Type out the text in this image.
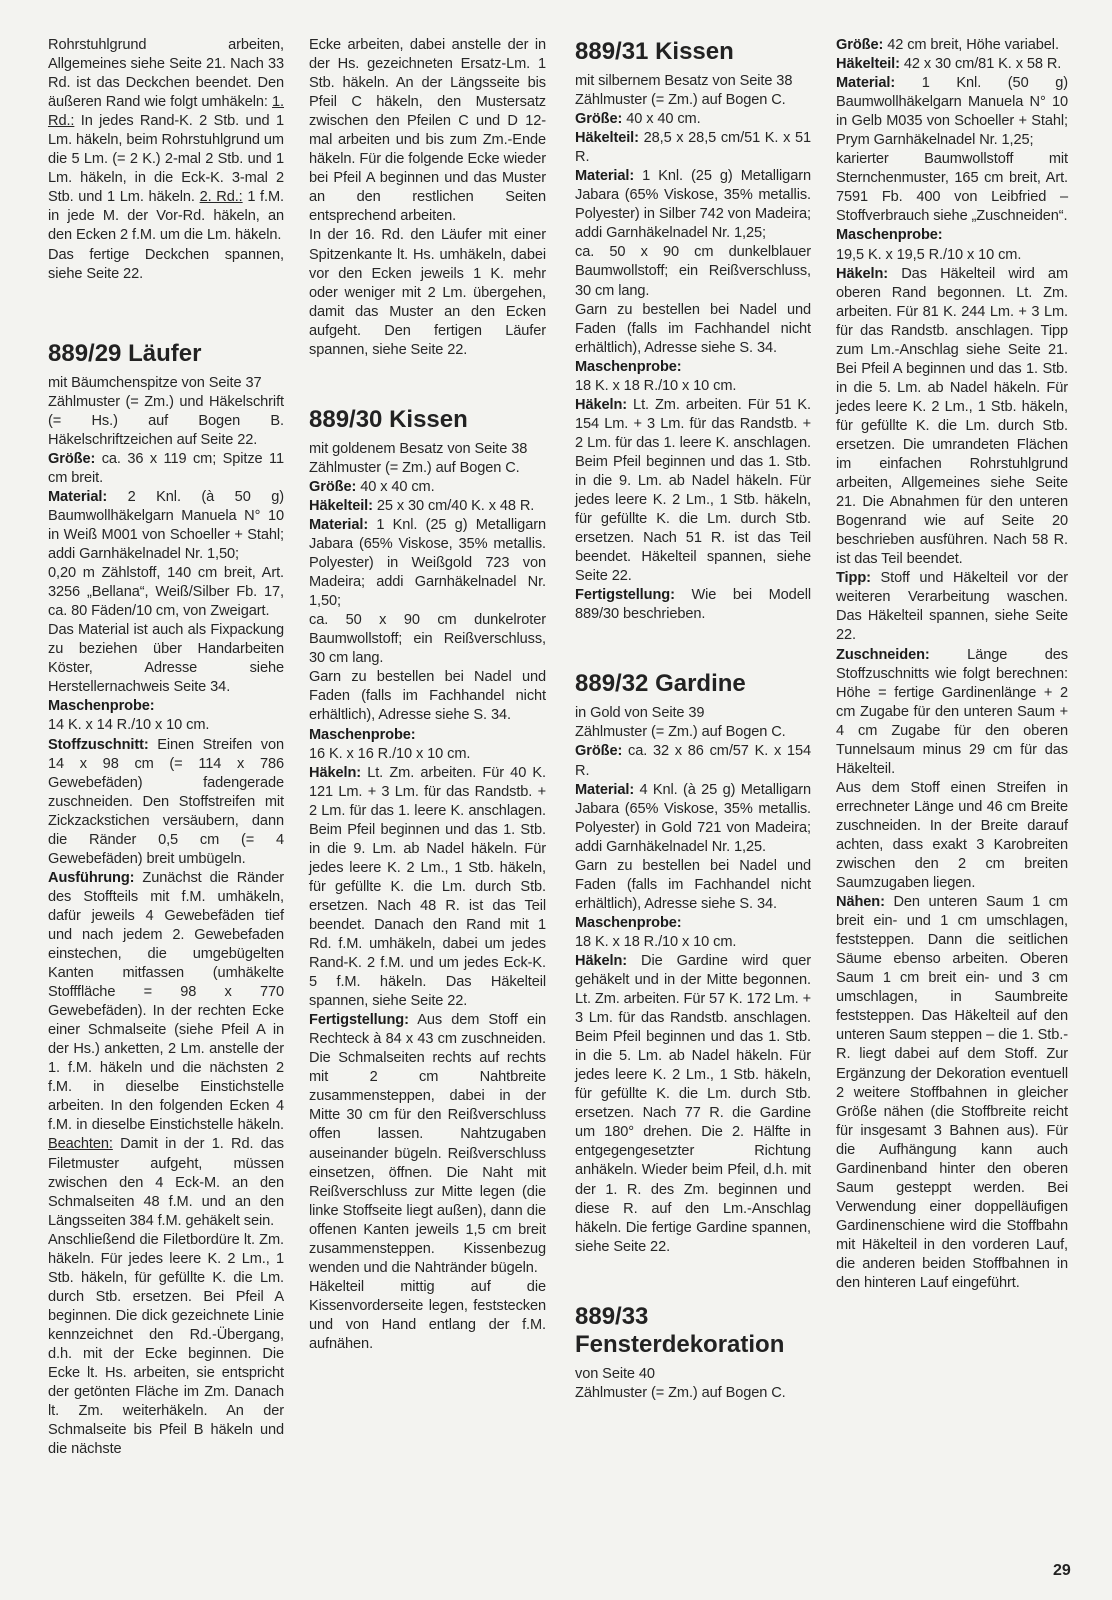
Rohrstuhlgrund arbeiten, Allgemeines siehe Seite 21. Nach 33 Rd. ist das Deckchen beendet. Den äußeren Rand wie folgt umhäkeln: 1. Rd.: In jedes Rand-K. 2 Stb. und 1 Lm. häkeln, beim Rohrstuhlgrund um die 5 Lm. (= 2 K.) 2-mal 2 Stb. und 1 Lm. häkeln, in die Eck-K. 3-mal 2 Stb. und 1 Lm. häkeln. 2. Rd.: 1 f.M. in jede M. der Vor-Rd. häkeln, an den Ecken 2 f.M. um die Lm. häkeln.

Das fertige Deckchen spannen, siehe Seite 22.

889/29 Läufer

mit Bäumchenspitze von Seite 37

Zählmuster (= Zm.) und Häkelschrift (= Hs.) auf Bogen B. Häkelschriftzeichen auf Seite 22.

Größe: ca. 36 x 119 cm; Spitze 11 cm breit.

Material: 2 Knl. (à 50 g) Baumwollhäkelgarn Manuela N° 10 in Weiß M001 von Schoeller + Stahl; addi Garnhäkelnadel Nr. 1,50;

0,20 m Zählstoff, 140 cm breit, Art. 3256 „Bellana“, Weiß/Silber Fb. 17, ca. 80 Fäden/10 cm, von Zweigart.

Das Material ist auch als Fixpackung zu beziehen über Handarbeiten Köster, Adresse siehe Herstellernachweis Seite 34.

Maschenprobe:

14 K. x 14 R./10 x 10 cm.

Stoffzuschnitt: Einen Streifen von 14 x 98 cm (= 114 x 786 Gewebefäden) fadengerade zuschneiden. Den Stoffstreifen mit Zickzackstichen versäubern, dann die Ränder 0,5 cm (= 4 Gewebefäden) breit umbügeln.

Ausführung: Zunächst die Ränder des Stoffteils mit f.M. umhäkeln, dafür jeweils 4 Gewebefäden tief und nach jedem 2. Gewebefaden einstechen, die umgebügelten Kanten mitfassen (umhäkelte Stofffläche = 98 x 770 Gewebefäden). In der rechten Ecke einer Schmalseite (siehe Pfeil A in der Hs.) anketten, 2 Lm. anstelle der 1. f.M. häkeln und die nächsten 2 f.M. in dieselbe Einstichstelle arbeiten. In den folgenden Ecken 4 f.M. in dieselbe Einstichstelle häkeln. Beachten: Damit in der 1. Rd. das Filetmuster aufgeht, müssen zwischen den 4 Eck-M. an den Schmalseiten 48 f.M. und an den Längsseiten 384 f.M. gehäkelt sein.

Anschließend die Filetbordüre lt. Zm. häkeln. Für jedes leere K. 2 Lm., 1 Stb. häkeln, für gefüllte K. die Lm. durch Stb. ersetzen. Bei Pfeil A beginnen. Die dick gezeichnete Linie kennzeichnet den Rd.-Übergang, d.h. mit der Ecke beginnen. Die Ecke lt. Hs. arbeiten, sie entspricht der getönten Fläche im Zm. Danach lt. Zm. weiterhäkeln. An der Schmalseite bis Pfeil B häkeln und die nächste

Ecke arbeiten, dabei anstelle der in der Hs. gezeichneten Ersatz-Lm. 1 Stb. häkeln. An der Längsseite bis Pfeil C häkeln, den Mustersatz zwischen den Pfeilen C und D 12-mal arbeiten und bis zum Zm.-Ende häkeln. Für die folgende Ecke wieder bei Pfeil A beginnen und das Muster an den restlichen Seiten entsprechend arbeiten.

In der 16. Rd. den Läufer mit einer Spitzenkante lt. Hs. umhäkeln, dabei vor den Ecken jeweils 1 K. mehr oder weniger mit 2 Lm. übergehen, damit das Muster an den Ecken aufgeht. Den fertigen Läufer spannen, siehe Seite 22.

889/30 Kissen

mit goldenem Besatz von Seite 38

Zählmuster (= Zm.) auf Bogen C.

Größe: 40 x 40 cm.

Häkelteil: 25 x 30 cm/40 K. x 48 R.

Material: 1 Knl. (25 g) Metalligarn Jabara (65% Viskose, 35% metallis. Polyester) in Weißgold 723 von Madeira; addi Garnhäkelnadel Nr. 1,50;

ca. 50 x 90 cm dunkelroter Baumwollstoff; ein Reißverschluss, 30 cm lang.

Garn zu bestellen bei Nadel und Faden (falls im Fachhandel nicht erhältlich), Adresse siehe S. 34.

Maschenprobe:

16 K. x 16 R./10 x 10 cm.

Häkeln: Lt. Zm. arbeiten. Für 40 K. 121 Lm. + 3 Lm. für das Randstb. + 2 Lm. für das 1. leere K. anschlagen. Beim Pfeil beginnen und das 1. Stb. in die 9. Lm. ab Nadel häkeln. Für jedes leere K. 2 Lm., 1 Stb. häkeln, für gefüllte K. die Lm. durch Stb. ersetzen. Nach 48 R. ist das Teil beendet. Danach den Rand mit 1 Rd. f.M. umhäkeln, dabei um jedes Rand-K. 2 f.M. und um jedes Eck-K. 5 f.M. häkeln. Das Häkelteil spannen, siehe Seite 22.

Fertigstellung: Aus dem Stoff ein Rechteck à 84 x 43 cm zuschneiden. Die Schmalseiten rechts auf rechts mit 2 cm Nahtbreite zusammensteppen, dabei in der Mitte 30 cm für den Reißverschluss offen lassen. Nahtzugaben auseinander bügeln. Reißverschluss einsetzen, öffnen. Die Naht mit Reißverschluss zur Mitte legen (die linke Stoffseite liegt außen), dann die offenen Kanten jeweils 1,5 cm breit zusammensteppen. Kissenbezug wenden und die Nahtränder bügeln.

Häkelteil mittig auf die Kissenvorderseite legen, feststecken und von Hand entlang der f.M. aufnähen.

889/31 Kissen

mit silbernem Besatz von Seite 38

Zählmuster (= Zm.) auf Bogen C.

Größe: 40 x 40 cm.

Häkelteil: 28,5 x 28,5 cm/51 K. x 51 R.

Material: 1 Knl. (25 g) Metalligarn Jabara (65% Viskose, 35% metallis. Polyester) in Silber 742 von Madeira; addi Garnhäkelnadel Nr. 1,25;

ca. 50 x 90 cm dunkelblauer Baumwollstoff; ein Reißverschluss, 30 cm lang.

Garn zu bestellen bei Nadel und Faden (falls im Fachhandel nicht erhältlich), Adresse siehe S. 34.

Maschenprobe:

18 K. x 18 R./10 x 10 cm.

Häkeln: Lt. Zm. arbeiten. Für 51 K. 154 Lm. + 3 Lm. für das Randstb. + 2 Lm. für das 1. leere K. anschlagen. Beim Pfeil beginnen und das 1. Stb. in die 9. Lm. ab Nadel häkeln. Für jedes leere K. 2 Lm., 1 Stb. häkeln, für gefüllte K. die Lm. durch Stb. ersetzen. Nach 51 R. ist das Teil beendet. Häkelteil spannen, siehe Seite 22.

Fertigstellung: Wie bei Modell 889/30 beschrieben.

889/32 Gardine

in Gold von Seite 39

Zählmuster (= Zm.) auf Bogen C.

Größe: ca. 32 x 86 cm/57 K. x 154 R.

Material: 4 Knl. (à 25 g) Metalligarn Jabara (65% Viskose, 35% metallis. Polyester) in Gold 721 von Madeira; addi Garnhäkelnadel Nr. 1,25.

Garn zu bestellen bei Nadel und Faden (falls im Fachhandel nicht erhältlich), Adresse siehe S. 34.

Maschenprobe:

18 K. x 18 R./10 x 10 cm.

Häkeln: Die Gardine wird quer gehäkelt und in der Mitte begonnen. Lt. Zm. arbeiten. Für 57 K. 172 Lm. + 3 Lm. für das Randstb. anschlagen. Beim Pfeil beginnen und das 1. Stb. in die 5. Lm. ab Nadel häkeln. Für jedes leere K. 2 Lm., 1 Stb. häkeln, für gefüllte K. die Lm. durch Stb. ersetzen. Nach 77 R. die Gardine um 180° drehen. Die 2. Hälfte in entgegengesetzter Richtung anhäkeln. Wieder beim Pfeil, d.h. mit der 1. R. des Zm. beginnen und diese R. auf den Lm.-Anschlag häkeln. Die fertige Gardine spannen, siehe Seite 22.

889/33 Fensterdekoration

von Seite 40

Zählmuster (= Zm.) auf Bogen C.

Größe: 42 cm breit, Höhe variabel.

Häkelteil: 42 x 30 cm/81 K. x 58 R.

Material: 1 Knl. (50 g) Baumwollhäkelgarn Manuela N° 10 in Gelb M035 von Schoeller + Stahl; Prym Garnhäkelnadel Nr. 1,25;

karierter Baumwollstoff mit Sternchenmuster, 165 cm breit, Art. 7591 Fb. 400 von Leibfried – Stoffverbrauch siehe „Zuschneiden“.

Maschenprobe:

19,5 K. x 19,5 R./10 x 10 cm.

Häkeln: Das Häkelteil wird am oberen Rand begonnen. Lt. Zm. arbeiten. Für 81 K. 244 Lm. + 3 Lm. für das Randstb. anschlagen. Tipp zum Lm.-Anschlag siehe Seite 21. Bei Pfeil A beginnen und das 1. Stb. in die 5. Lm. ab Nadel häkeln. Für jedes leere K. 2 Lm., 1 Stb. häkeln, für gefüllte K. die Lm. durch Stb. ersetzen. Die umrandeten Flächen im einfachen Rohrstuhlgrund arbeiten, Allgemeines siehe Seite 21. Die Abnahmen für den unteren Bogenrand wie auf Seite 20 beschrieben ausführen. Nach 58 R. ist das Teil beendet.

Tipp: Stoff und Häkelteil vor der weiteren Verarbeitung waschen. Das Häkelteil spannen, siehe Seite 22.

Zuschneiden: Länge des Stoffzuschnitts wie folgt berechnen: Höhe = fertige Gardinenlänge + 2 cm Zugabe für den unteren Saum + 4 cm Zugabe für den oberen Tunnelsaum minus 29 cm für das Häkelteil.

Aus dem Stoff einen Streifen in errechneter Länge und 46 cm Breite zuschneiden. In der Breite darauf achten, dass exakt 3 Karobreiten zwischen den 2 cm breiten Saumzugaben liegen.

Nähen: Den unteren Saum 1 cm breit ein- und 1 cm umschlagen, feststeppen. Dann die seitlichen Säume ebenso arbeiten. Oberen Saum 1 cm breit ein- und 3 cm umschlagen, in Saumbreite feststeppen. Das Häkelteil auf den unteren Saum steppen – die 1. Stb.-R. liegt dabei auf dem Stoff. Zur Ergänzung der Dekoration eventuell 2 weitere Stoffbahnen in gleicher Größe nähen (die Stoffbreite reicht für insgesamt 3 Bahnen aus). Für die Aufhängung kann auch Gardinenband hinter den oberen Saum gesteppt werden. Bei Verwendung einer doppelläufigen Gardinenschiene wird die Stoffbahn mit Häkelteil in den vorderen Lauf, die anderen beiden Stoffbahnen in den hinteren Lauf eingeführt.

29
